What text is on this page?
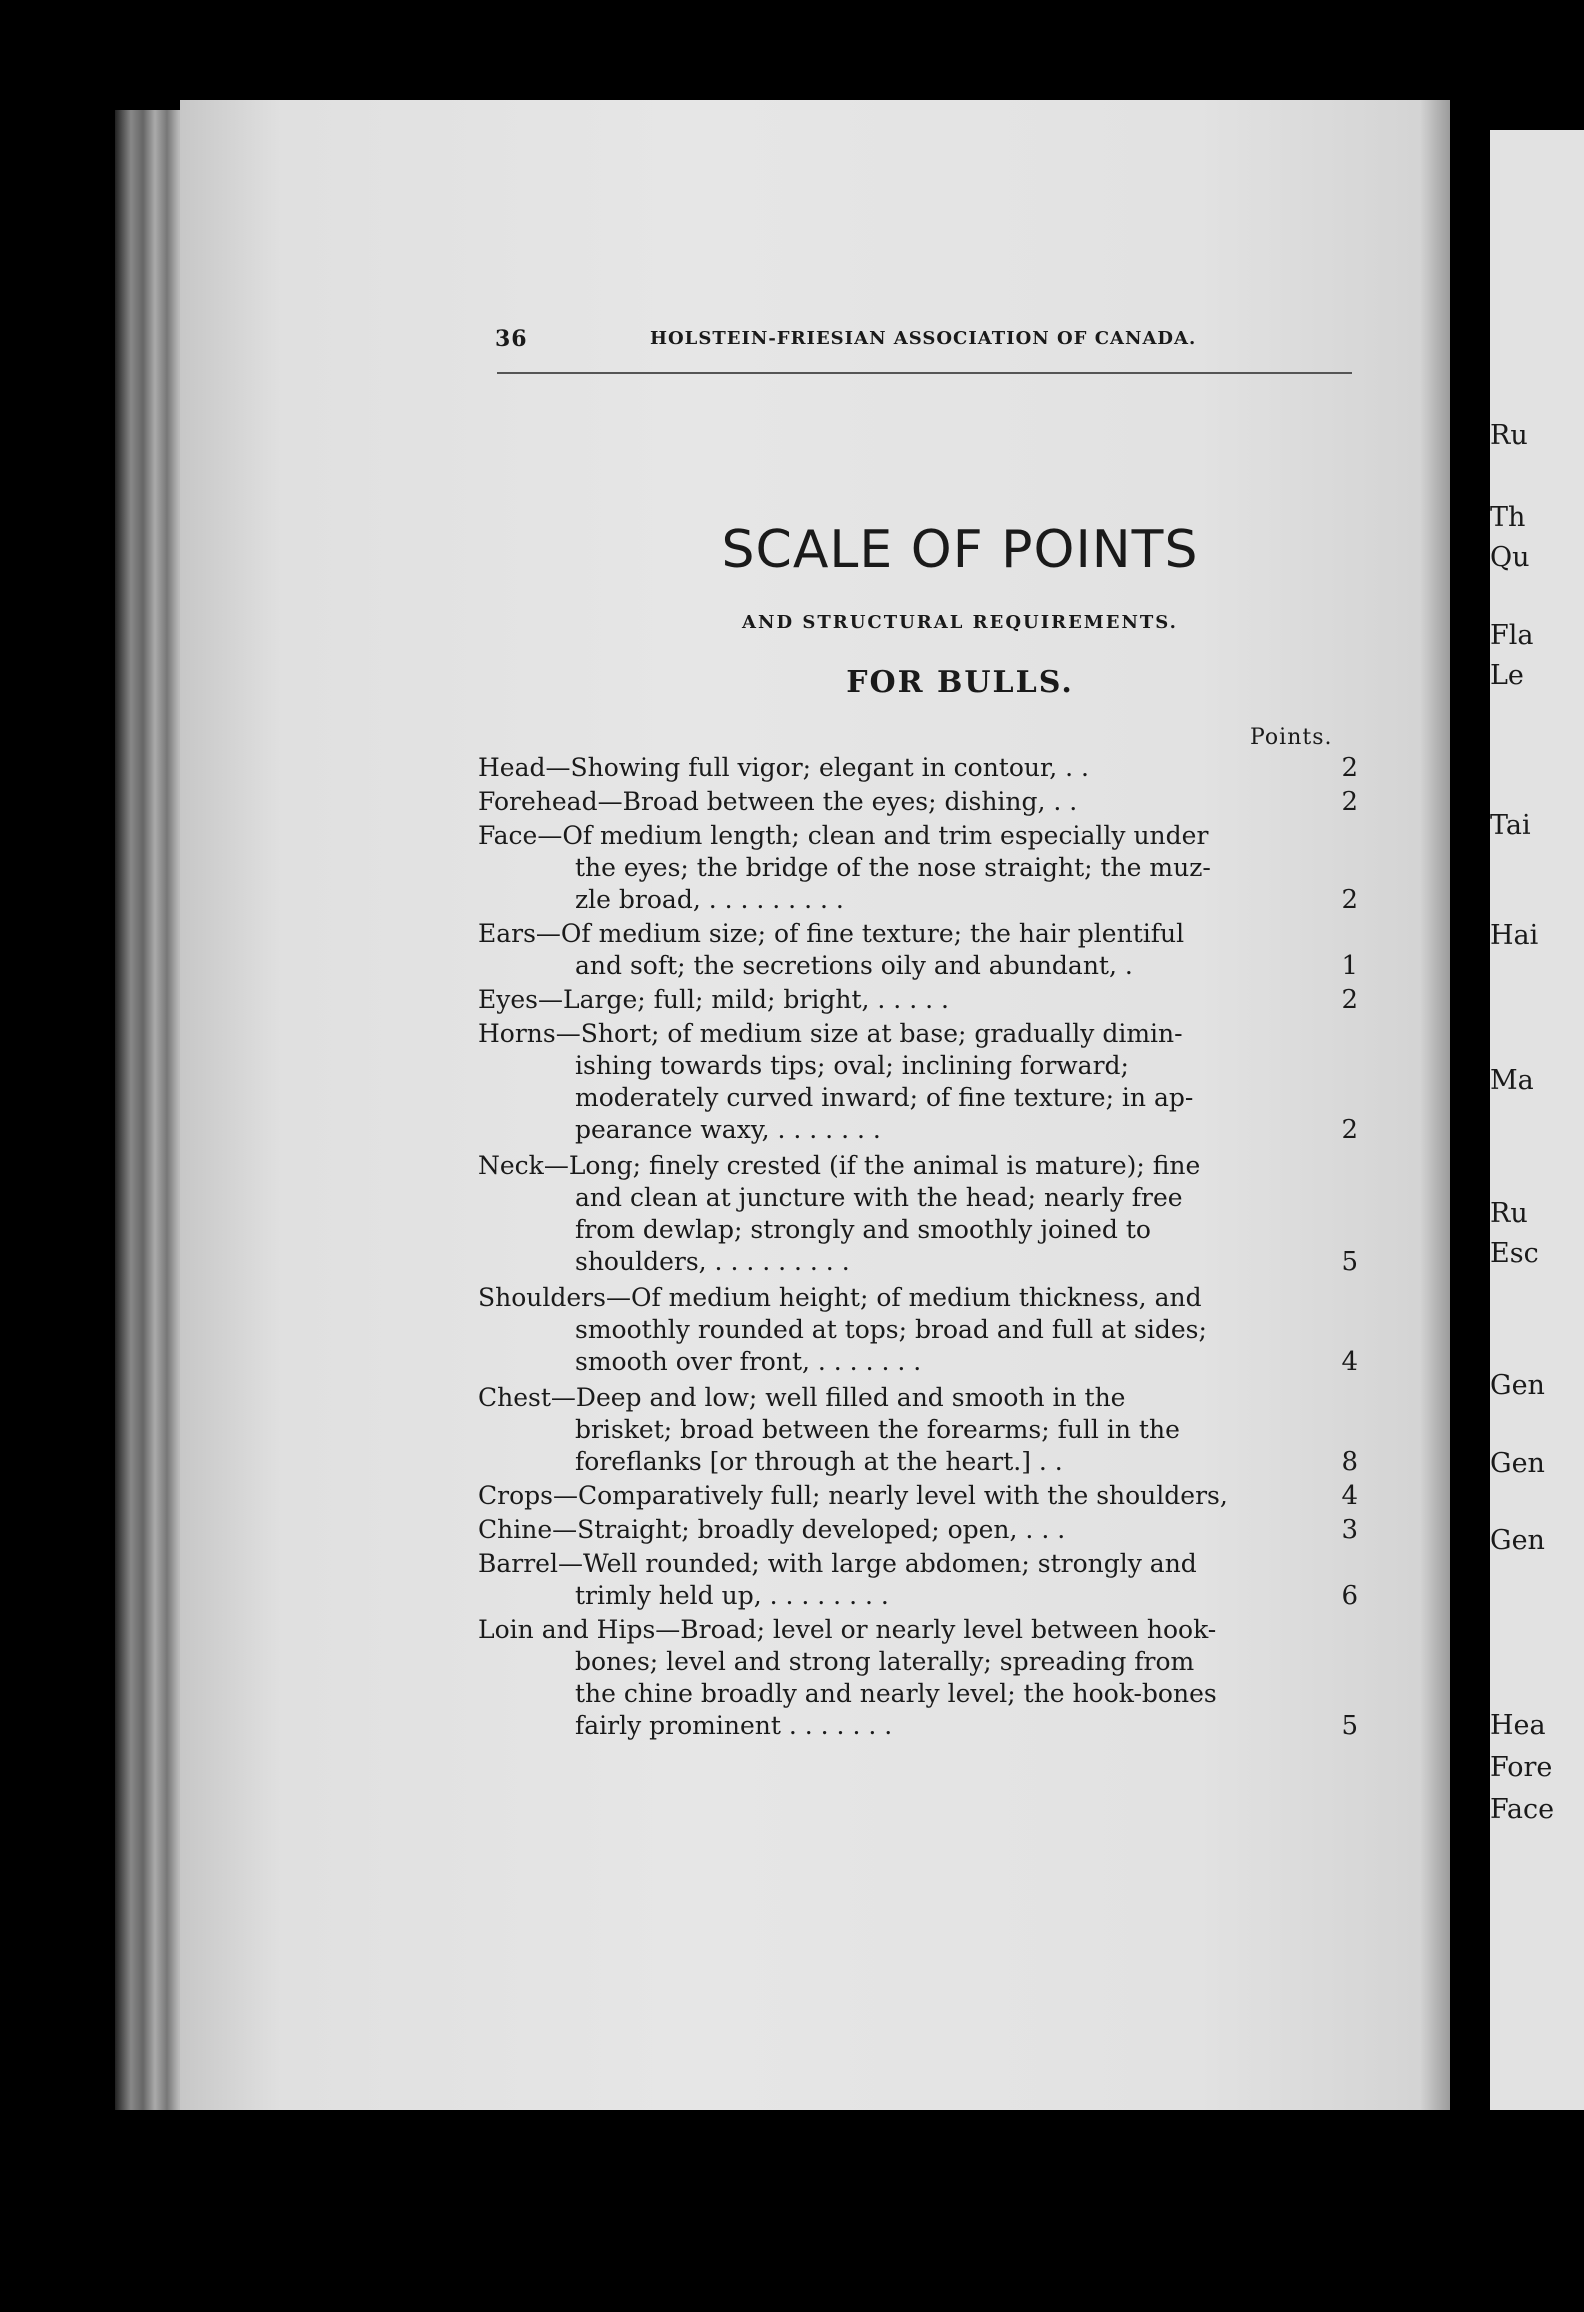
Ru
Th
Qu
Fla
Le
Tai
Hai
Ma
Ru
Esc
Gen
Gen
Gen
Hea
Fore
Face
36	HOLSTEIN-FRIESIAN ASSOCIATION OF CANADA.
SCALE OF POINTS
AND STRUCTURAL REQUIREMENTS.
FOR BULLS.
Points.
Head—Showing full vigor; elegant in contour, . .	2
Forehead—Broad between the eyes; dishing, . .	2
Face—Of medium length; clean and trim especially under
the eyes; the bridge of the nose straight; the muz-
zle broad, . . . . . . . . .	2
Ears—Of medium size; of fine texture; the hair plentiful
and soft; the secretions oily and abundant, .	1
Eyes—Large; full; mild; bright, . . . . .	2
Horns—Short; of medium size at base; gradually dimin-
ishing towards tips; oval; inclining forward;
moderately curved inward; of fine texture; in ap-
pearance waxy, . . . . . . .	2
Neck—Long; finely crested (if the animal is mature); fine
and clean at juncture with the head; nearly free
from dewlap; strongly and smoothly joined to
shoulders, . . . . . . . . .	5
Shoulders—Of medium height; of medium thickness, and
smoothly rounded at tops; broad and full at sides;
smooth over front, . . . . . . .	4
Chest—Deep and low; well filled and smooth in the
brisket; broad between the forearms; full in the
foreflanks [or through at the heart.] . .	8
Crops—Comparatively full; nearly level with the shoulders,	4
Chine—Straight; broadly developed; open, . . .	3
Barrel—Well rounded; with large abdomen; strongly and
trimly held up, . . . . . . . .	6
Loin and Hips—Broad; level or nearly level between hook-
bones; level and strong laterally; spreading from
the chine broadly and nearly level; the hook-bones
fairly prominent . . . . . . .	5
